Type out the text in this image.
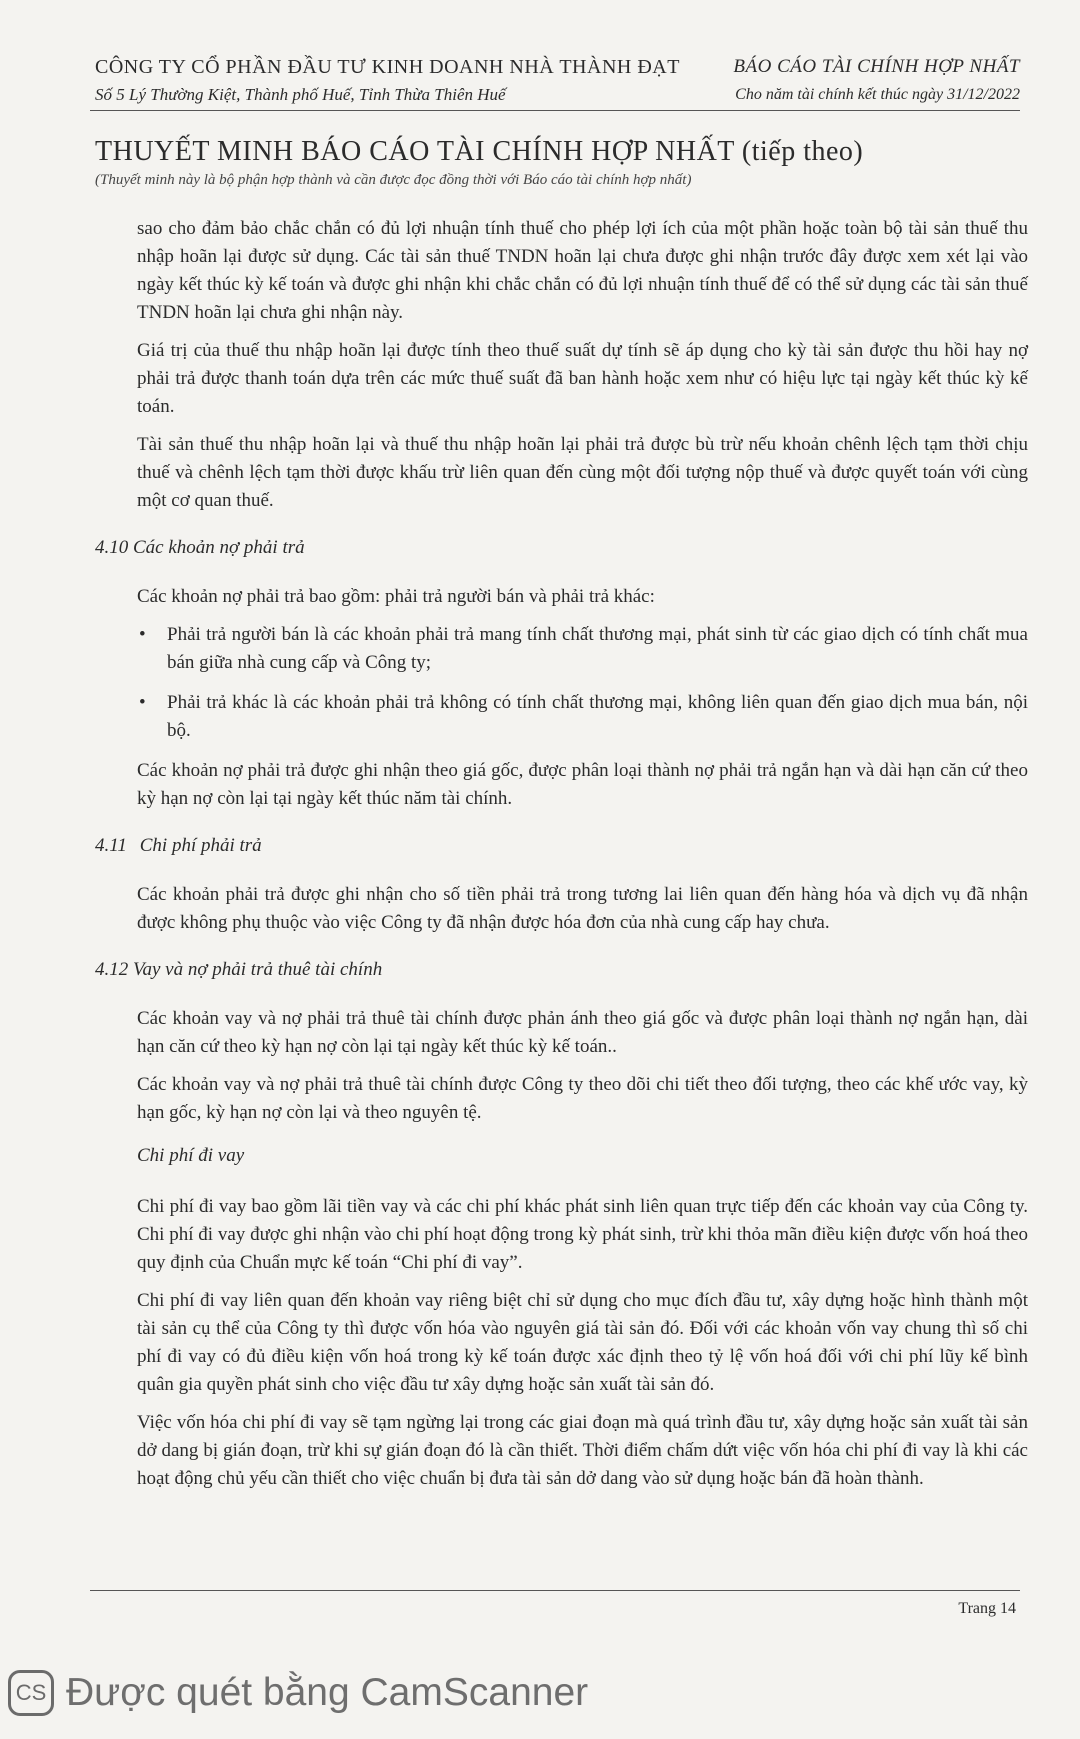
CÔNG TY CỔ PHẦN ĐẦU TƯ KINH DOANH NHÀ THÀNH ĐẠT
Số 5 Lý Thường Kiệt, Thành phố Huế, Tỉnh Thừa Thiên Huế
BÁO CÁO TÀI CHÍNH HỢP NHẤT
Cho năm tài chính kết thúc ngày 31/12/2022
THUYẾT MINH BÁO CÁO TÀI CHÍNH HỢP NHẤT (tiếp theo)
(Thuyết minh này là bộ phận hợp thành và cần được đọc đồng thời với Báo cáo tài chính hợp nhất)

sao cho đảm bảo chắc chắn có đủ lợi nhuận tính thuế cho phép lợi ích của một phần hoặc toàn bộ tài sản thuế thu nhập hoãn lại được sử dụng. Các tài sản thuế TNDN hoãn lại chưa được ghi nhận trước đây được xem xét lại vào ngày kết thúc kỳ kế toán và được ghi nhận khi chắc chắn có đủ lợi nhuận tính thuế để có thể sử dụng các tài sản thuế TNDN hoãn lại chưa ghi nhận này.

Giá trị của thuế thu nhập hoãn lại được tính theo thuế suất dự tính sẽ áp dụng cho kỳ tài sản được thu hồi hay nợ phải trả được thanh toán dựa trên các mức thuế suất đã ban hành hoặc xem như có hiệu lực tại ngày kết thúc kỳ kế toán.

Tài sản thuế thu nhập hoãn lại và thuế thu nhập hoãn lại phải trả được bù trừ nếu khoản chênh lệch tạm thời chịu thuế và chênh lệch tạm thời được khấu trừ liên quan đến cùng một đối tượng nộp thuế và được quyết toán với cùng một cơ quan thuế.

4.10 Các khoản nợ phải trả

Các khoản nợ phải trả bao gồm: phải trả người bán và phải trả khác:

• Phải trả người bán là các khoản phải trả mang tính chất thương mại, phát sinh từ các giao dịch có tính chất mua bán giữa nhà cung cấp và Công ty;
• Phải trả khác là các khoản phải trả không có tính chất thương mại, không liên quan đến giao dịch mua bán, nội bộ.

Các khoản nợ phải trả được ghi nhận theo giá gốc, được phân loại thành nợ phải trả ngắn hạn và dài hạn căn cứ theo kỳ hạn nợ còn lại tại ngày kết thúc năm tài chính.

4.11 Chi phí phải trả

Các khoản phải trả được ghi nhận cho số tiền phải trả trong tương lai liên quan đến hàng hóa và dịch vụ đã nhận được không phụ thuộc vào việc Công ty đã nhận được hóa đơn của nhà cung cấp hay chưa.

4.12 Vay và nợ phải trả thuê tài chính

Các khoản vay và nợ phải trả thuê tài chính được phản ánh theo giá gốc và được phân loại thành nợ ngắn hạn, dài hạn căn cứ theo kỳ hạn nợ còn lại tại ngày kết thúc kỳ kế toán..

Các khoản vay và nợ phải trả thuê tài chính được Công ty theo dõi chi tiết theo đối tượng, theo các khế ước vay, kỳ hạn gốc, kỳ hạn nợ còn lại và theo nguyên tệ.

Chi phí đi vay

Chi phí đi vay bao gồm lãi tiền vay và các chi phí khác phát sinh liên quan trực tiếp đến các khoản vay của Công ty. Chi phí đi vay được ghi nhận vào chi phí hoạt động trong kỳ phát sinh, trừ khi thỏa mãn điều kiện được vốn hoá theo quy định của Chuẩn mực kế toán “Chi phí đi vay”.

Chi phí đi vay liên quan đến khoản vay riêng biệt chỉ sử dụng cho mục đích đầu tư, xây dựng hoặc hình thành một tài sản cụ thể của Công ty thì được vốn hóa vào nguyên giá tài sản đó. Đối với các khoản vốn vay chung thì số chi phí đi vay có đủ điều kiện vốn hoá trong kỳ kế toán được xác định theo tỷ lệ vốn hoá đối với chi phí lũy kế bình quân gia quyền phát sinh cho việc đầu tư xây dựng hoặc sản xuất tài sản đó.

Việc vốn hóa chi phí đi vay sẽ tạm ngừng lại trong các giai đoạn mà quá trình đầu tư, xây dựng hoặc sản xuất tài sản dở dang bị gián đoạn, trừ khi sự gián đoạn đó là cần thiết. Thời điểm chấm dứt việc vốn hóa chi phí đi vay là khi các hoạt động chủ yếu cần thiết cho việc chuẩn bị đưa tài sản dở dang vào sử dụng hoặc bán đã hoàn thành.

Trang 14
CS Được quét bằng CamScanner
